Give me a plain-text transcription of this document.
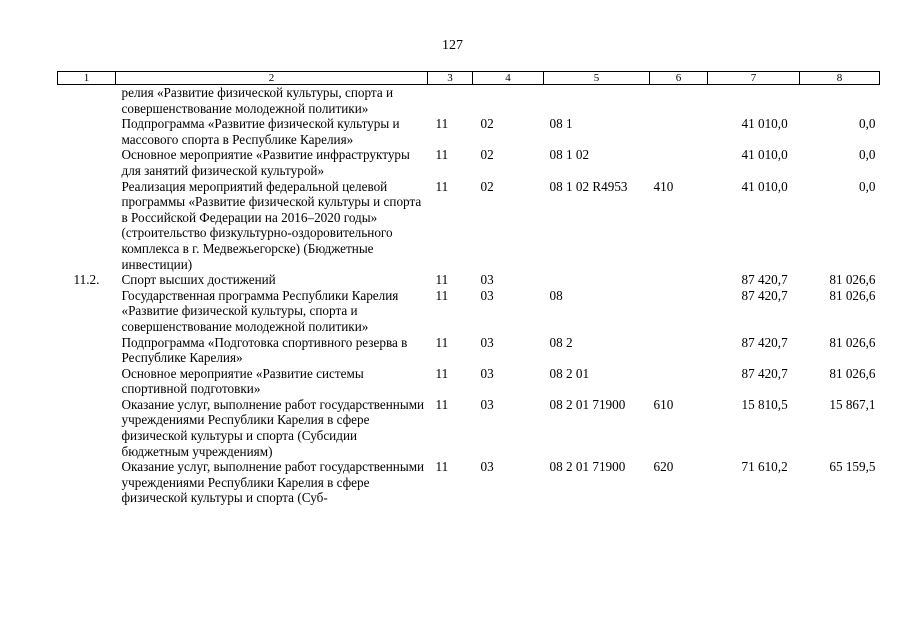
127
1	2	3	4	5	6	7	8
	релия «Развитие физической культуры, спорта и совершенствование молодежной политики»						
	Подпрограмма «Развитие физической культуры и массового спорта в Республике Карелия»	11	02	08 1		41 010,0	0,0
	Основное мероприятие «Развитие инфраструктуры для занятий физической культурой»	11	02	08 1 02		41 010,0	0,0
	Реализация мероприятий федеральной целевой программы «Развитие физической культуры и спорта в Российской Федерации на 2016–2020 годы» (строительство физкультурно-оздоровительного комплекса в г. Медвежьегорске) (Бюджетные инвестиции)	11	02	08 1 02 R4953	410	41 010,0	0,0
11.2.	Спорт высших достижений	11	03			87 420,7	81 026,6
	Государственная программа Республики Карелия «Развитие физической культуры, спорта и совершенствование молодежной политики»	11	03	08		87 420,7	81 026,6
	Подпрограмма «Подготовка спортивного резерва в Республике Карелия»	11	03	08 2		87 420,7	81 026,6
	Основное мероприятие «Развитие системы спортивной подготовки»	11	03	08 2 01		87 420,7	81 026,6
	Оказание услуг, выполнение работ государственными учреждениями Республики Карелия в сфере физической культуры и спорта (Субсидии бюджетным учреждениям)	11	03	08 2 01 71900	610	15 810,5	15 867,1
	Оказание услуг, выполнение работ государственными учреждениями Республики Карелия в сфере физической культуры и спорта (Суб-	11	03	08 2 01 71900	620	71 610,2	65 159,5
